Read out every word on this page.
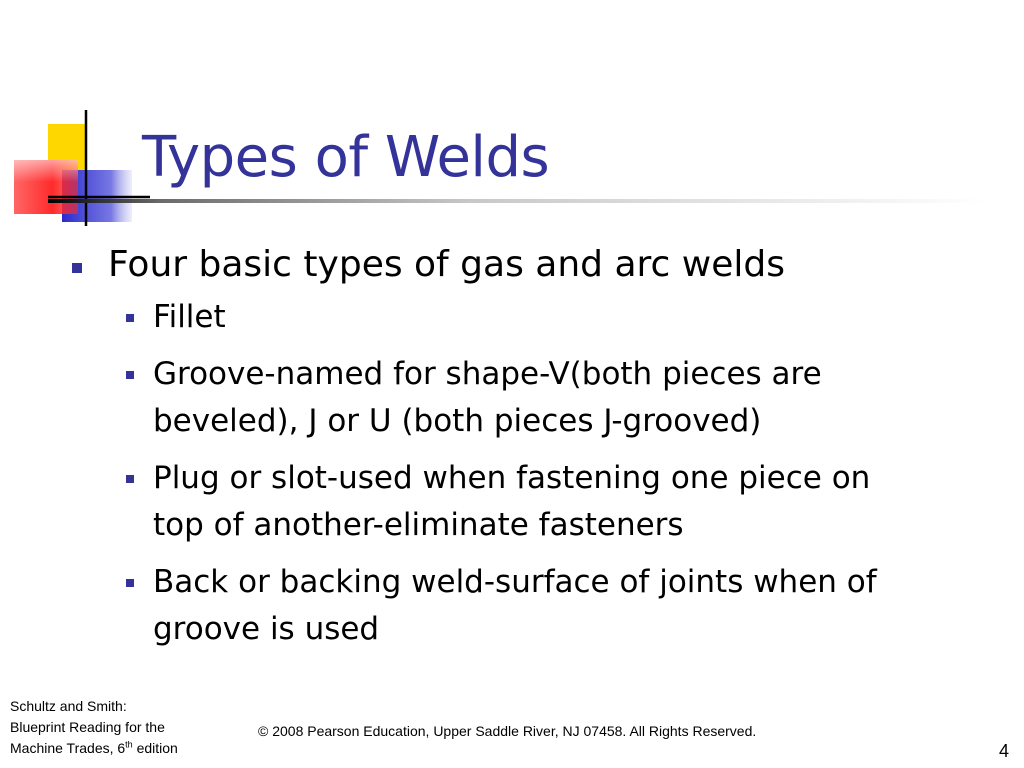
Types of Welds
Four basic types of gas and arc welds
Fillet
Groove-named for shape-V(both pieces are beveled), J or U (both pieces J-grooved)
Plug or slot-used when fastening one piece on top of another-eliminate fasteners
Back or backing weld-surface of joints when of groove is used
Schultz and Smith:
Blueprint Reading for the
Machine Trades, 6th edition
© 2008 Pearson Education, Upper Saddle River, NJ 07458. All Rights Reserved.
4
